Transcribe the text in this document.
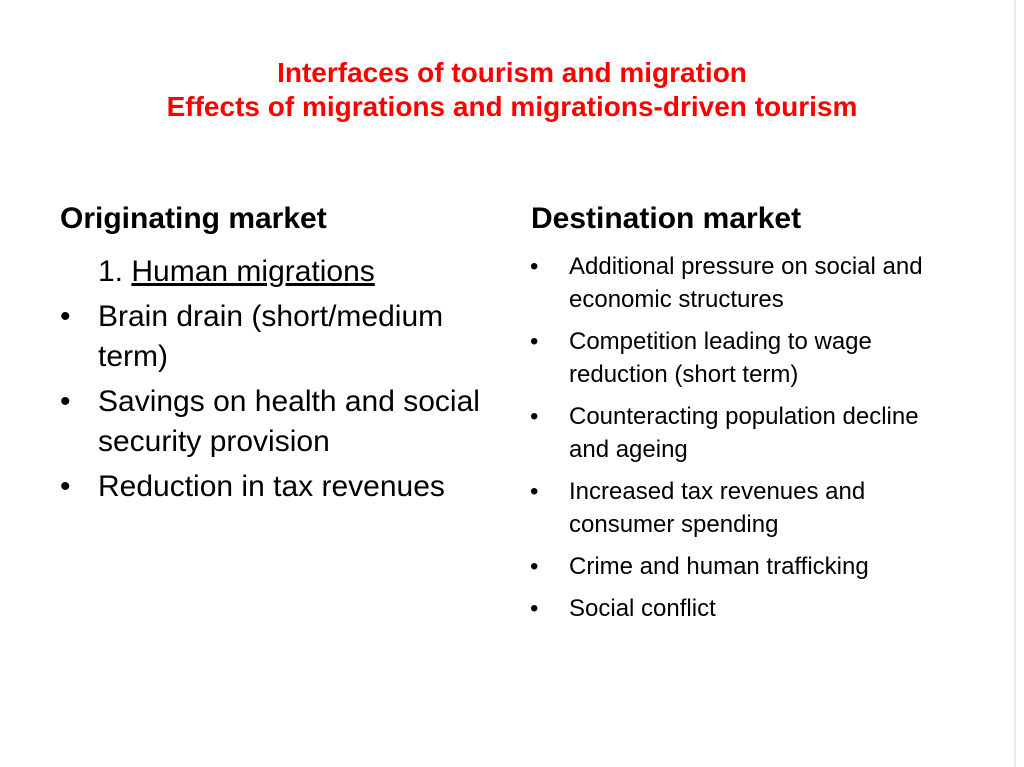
Interfaces of tourism and migration
Effects of migrations and migrations-driven tourism
Originating market
1. Human migrations
• Brain drain (short/medium term)
• Savings on health and social security provision
• Reduction in tax revenues
Destination market
• Additional pressure on social and economic structures
• Competition leading to wage reduction (short term)
• Counteracting population decline and ageing
• Increased tax revenues and consumer spending
• Crime and human trafficking
• Social conflict
